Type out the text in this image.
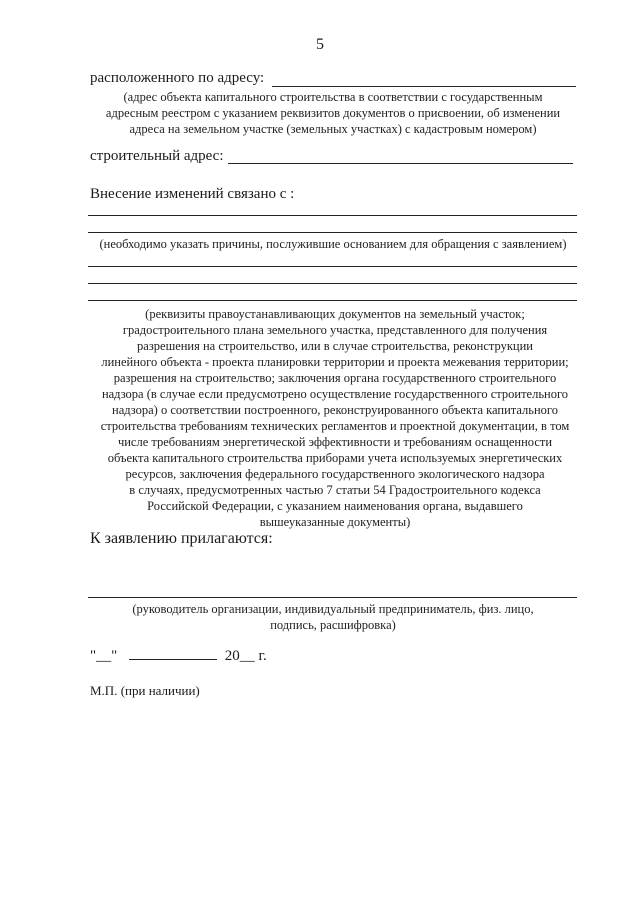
5
расположенного по адресу:
(адрес объекта капитального строительства в соответствии с государственным
адресным реестром с указанием реквизитов документов о присвоении, об изменении
адреса на земельном участке (земельных участках) с кадастровым номером)
строительный адрес:
Внесение изменений связано с :
(необходимо указать причины, послужившие основанием для обращения с заявлением)
(реквизиты правоустанавливающих документов на земельный участок;
градостроительного плана земельного участка, представленного для получения
разрешения на строительство, или в случае строительства, реконструкции
линейного объекта - проекта планировки территории и проекта межевания территории;
разрешения на строительство; заключения органа государственного строительного
надзора (в случае если предусмотрено осуществление государственного строительного
надзора) о соответствии построенного, реконструированного объекта капитального
строительства требованиям технических регламентов и проектной документации, в том
числе требованиям энергетической эффективности и требованиям оснащенности
объекта капитального строительства приборами учета используемых энергетических
ресурсов, заключения федерального государственного экологического надзора
в случаях, предусмотренных частью 7 статьи 54 Градостроительного кодекса
Российской Федерации, с указанием наименования органа, выдавшего
вышеуказанные документы)
К заявлению прилагаются:
(руководитель организации, индивидуальный предприниматель, физ. лицо,
подпись, расшифровка)
"__"	20__ г.
М.П. (при наличии)
